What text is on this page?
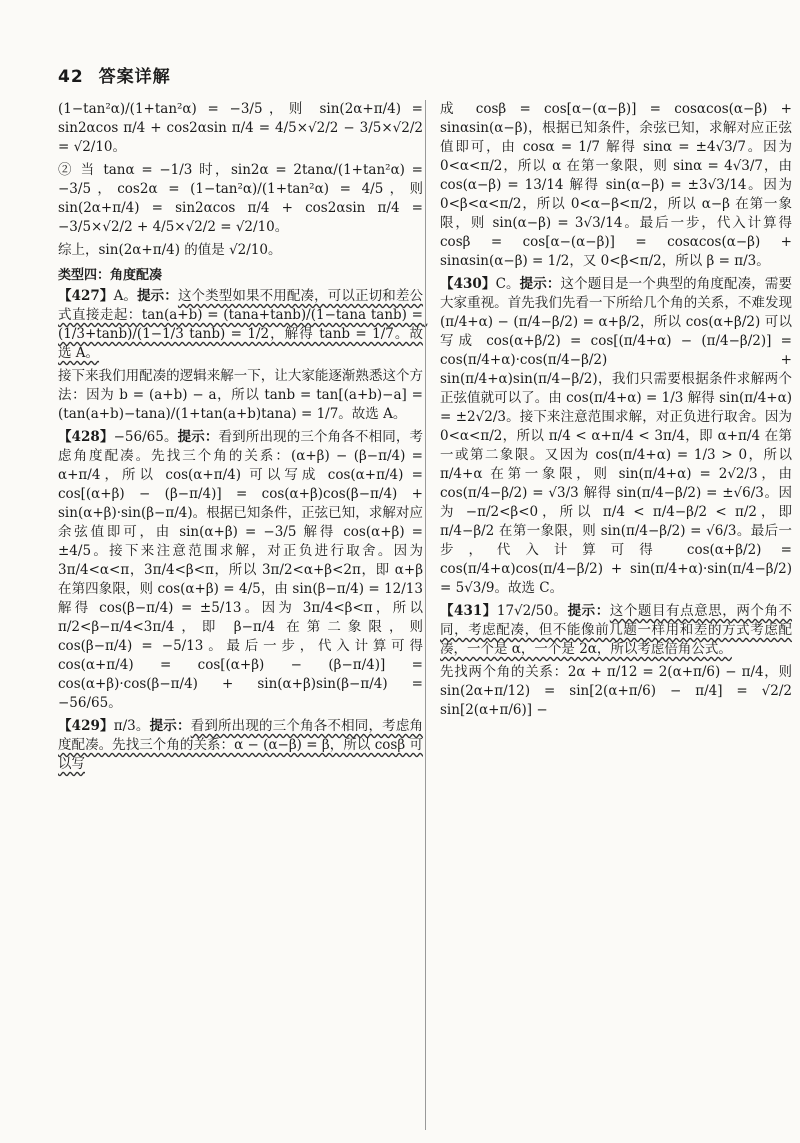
42 答案详解

(1−tan²α)/(1+tan²α) = −3/5，则 sin(2α+π/4) = sin2αcos π/4 + cos2αsin π/4 = 4/5×√2/2 − 3/5×√2/2 = √2/10。

② 当 tanα = −1/3 时，sin2α = 2tanα/(1+tan²α) = −3/5，cos2α = (1−tan²α)/(1+tan²α) = 4/5，则 sin(2α+π/4) = sin2αcos π/4 + cos2αsin π/4 = −3/5×√2/2 + 4/5×√2/2 = √2/10。

综上，sin(2α+π/4) 的值是 √2/10。

类型四：角度配凑

【427】A。提示：这个类型如果不用配凑，可以正切和差公式直接走起：tan(a+b) = (tana+tanb)/(1−tana tanb) = (1/3+tanb)/(1−1/3 tanb) = 1/2，解得 tanb = 1/7。故选 A。

接下来我们用配凑的逻辑来解一下，让大家能逐渐熟悉这个方法：因为 b = (a+b) − a，所以 tanb = tan[(a+b)−a] = (tan(a+b)−tana)/(1+tan(a+b)tana) = 1/7。故选 A。

【428】−56/65。提示：看到所出现的三个角各不相同，考虑角度配凑。先找三个角的关系：(α+β) − (β−π/4) = α+π/4，所以 cos(α+π/4) 可以写成 cos(α+π/4) = cos[(α+β) − (β−π/4)] = cos(α+β)cos(β−π/4) + sin(α+β)·sin(β−π/4)。根据已知条件，正弦已知，求解对应余弦值即可，由 sin(α+β) = −3/5 解得 cos(α+β) = ±4/5。接下来注意范围求解，对正负进行取舍。因为 3π/4<α<π，3π/4<β<π，所以 3π/2<α+β<2π，即 α+β 在第四象限，则 cos(α+β) = 4/5，由 sin(β−π/4) = 12/13 解得 cos(β−π/4) = ±5/13。因为 3π/4<β<π，所以 π/2<β−π/4<3π/4，即 β−π/4 在第二象限，则 cos(β−π/4) = −5/13。最后一步，代入计算可得 cos(α+π/4) = cos[(α+β) − (β−π/4)] = cos(α+β)·cos(β−π/4) + sin(α+β)sin(β−π/4) = −56/65。

【429】π/3。提示：看到所出现的三个角各不相同，考虑角度配凑。先找三个角的关系：α − (α−β) = β，所以 cosβ 可以写

成 cosβ = cos[α−(α−β)] = cosαcos(α−β) + sinαsin(α−β)，根据已知条件，余弦已知，求解对应正弦值即可，由 cosα = 1/7 解得 sinα = ±4√3/7。因为 0<α<π/2，所以 α 在第一象限，则 sinα = 4√3/7，由 cos(α−β) = 13/14 解得 sin(α−β) = ±3√3/14。因为 0<β<α<π/2，所以 0<α−β<π/2，所以 α−β 在第一象限，则 sin(α−β) = 3√3/14。最后一步，代入计算得 cosβ = cos[α−(α−β)] = cosαcos(α−β) + sinαsin(α−β) = 1/2，又 0<β<π/2，所以 β = π/3。

【430】C。提示：这个题目是一个典型的角度配凑，需要大家重视。首先我们先看一下所给几个角的关系，不难发现 (π/4+α) − (π/4−β/2) = α+β/2，所以 cos(α+β/2) 可以写成 cos(α+β/2) = cos[(π/4+α) − (π/4−β/2)] = cos(π/4+α)·cos(π/4−β/2) + sin(π/4+α)sin(π/4−β/2)，我们只需要根据条件求解两个正弦值就可以了。由 cos(π/4+α) = 1/3 解得 sin(π/4+α) = ±2√2/3。接下来注意范围求解，对正负进行取舍。因为 0<α<π/2，所以 π/4 < α+π/4 < 3π/4，即 α+π/4 在第一或第二象限。又因为 cos(π/4+α) = 1/3 > 0，所以 π/4+α 在第一象限，则 sin(π/4+α) = 2√2/3，由 cos(π/4−β/2) = √3/3 解得 sin(π/4−β/2) = ±√6/3。因为 −π/2<β<0，所以 π/4 < π/4−β/2 < π/2，即 π/4−β/2 在第一象限，则 sin(π/4−β/2) = √6/3。最后一步，代入计算可得 cos(α+β/2) = cos(π/4+α)cos(π/4−β/2) + sin(π/4+α)·sin(π/4−β/2) = 5√3/9。故选 C。

【431】17√2/50。提示：这个题目有点意思，两个角不同，考虑配凑，但不能像前几题一样用和差的方式考虑配凑，一个是 α，一个是 2α，所以考虑倍角公式。

先找两个角的关系：2α + π/12 = 2(α+π/6) − π/4，则 sin(2α+π/12) = sin[2(α+π/6) − π/4] = √2/2 sin[2(α+π/6)] −
